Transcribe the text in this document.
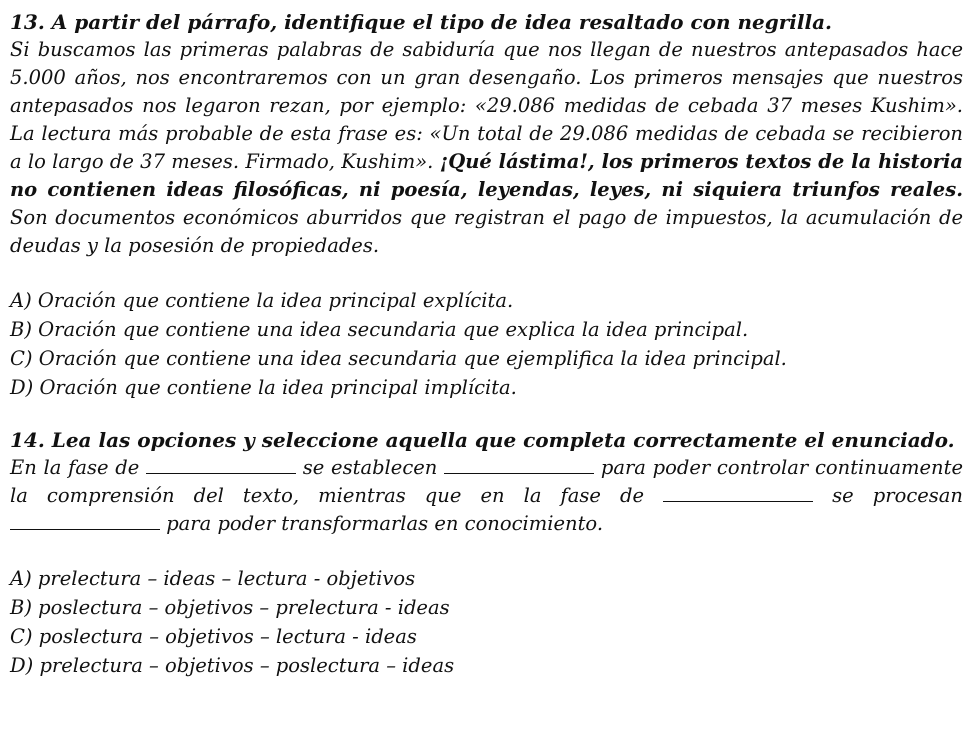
13. A partir del párrafo, identifique el tipo de idea resaltado con negrilla.

Si buscamos las primeras palabras de sabiduría que nos llegan de nuestros antepasados hace 5.000 años, nos encontraremos con un gran desengaño. Los primeros mensajes que nuestros antepasados nos legaron rezan, por ejemplo: «29.086 medidas de cebada 37 meses Kushim». La lectura más probable de esta frase es: «Un total de 29.086 medidas de cebada se recibieron a lo largo de 37 meses. Firmado, Kushim». ¡Qué lástima!, los primeros textos de la historia no contienen ideas filosóficas, ni poesía, leyendas, leyes, ni siquiera triunfos reales. Son documentos económicos aburridos que registran el pago de impuestos, la acumulación de deudas y la posesión de propiedades.

A) Oración que contiene la idea principal explícita.
B) Oración que contiene una idea secundaria que explica la idea principal.
C) Oración que contiene una idea secundaria que ejemplifica la idea principal.
D) Oración que contiene la idea principal implícita.

14. Lea las opciones y seleccione aquella que completa correctamente el enunciado.

En la fase de	se establecen	para poder controlar continuamente la comprensión del texto, mientras que en la fase de	se procesan  para poder transformarlas en conocimiento.

A) prelectura – ideas – lectura - objetivos
B) poslectura – objetivos – prelectura - ideas
C) poslectura – objetivos – lectura - ideas
D) prelectura – objetivos – poslectura – ideas
